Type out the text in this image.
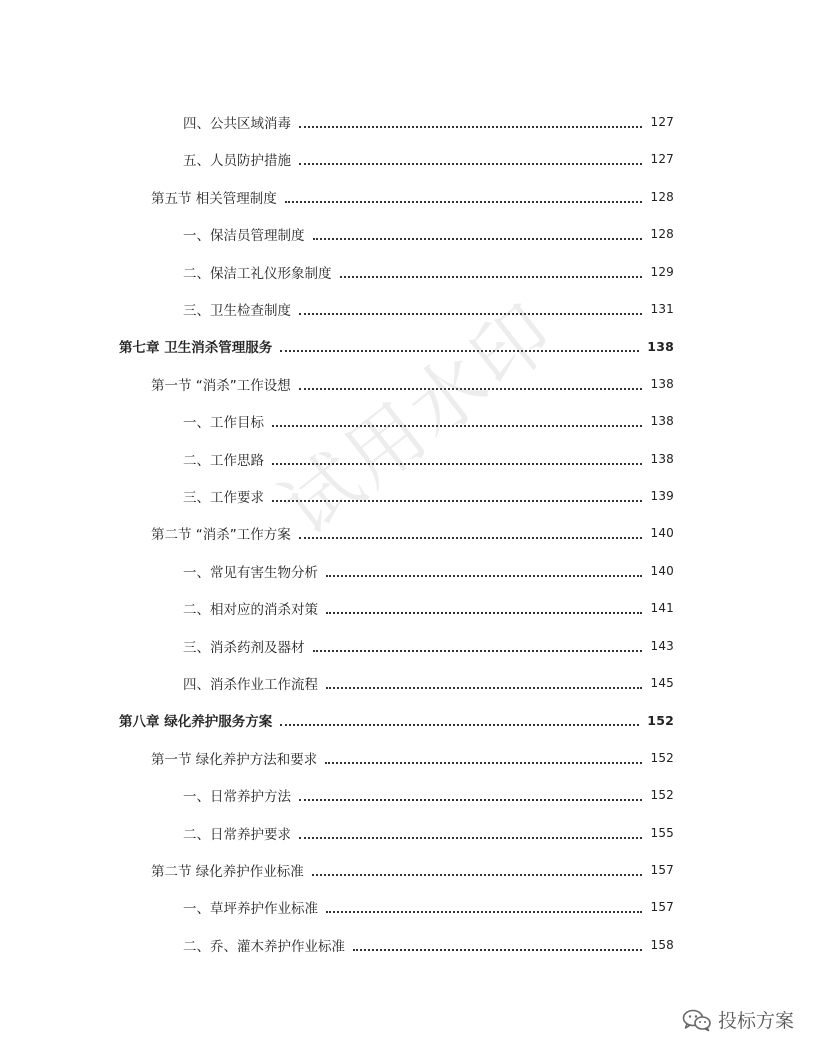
四、公共区域消毒	127
五、人员防护措施	127
第五节 相关管理制度	128
一、保洁员管理制度	128
二、保洁工礼仪形象制度	129
三、卫生检查制度	131
第七章 卫生消杀管理服务	138
第一节 “消杀”工作设想	138
一、工作目标	138
二、工作思路	138
三、工作要求	139
第二节 “消杀”工作方案	140
一、常见有害生物分析	140
二、相对应的消杀对策	141
三、消杀药剂及器材	143
四、消杀作业工作流程	145
第八章 绿化养护服务方案	152
第一节 绿化养护方法和要求	152
一、日常养护方法	152
二、日常养护要求	155
第二节 绿化养护作业标准	157
一、草坪养护作业标准	157
二、乔、灌木养护作业标准	158
试用水印
投标方案
